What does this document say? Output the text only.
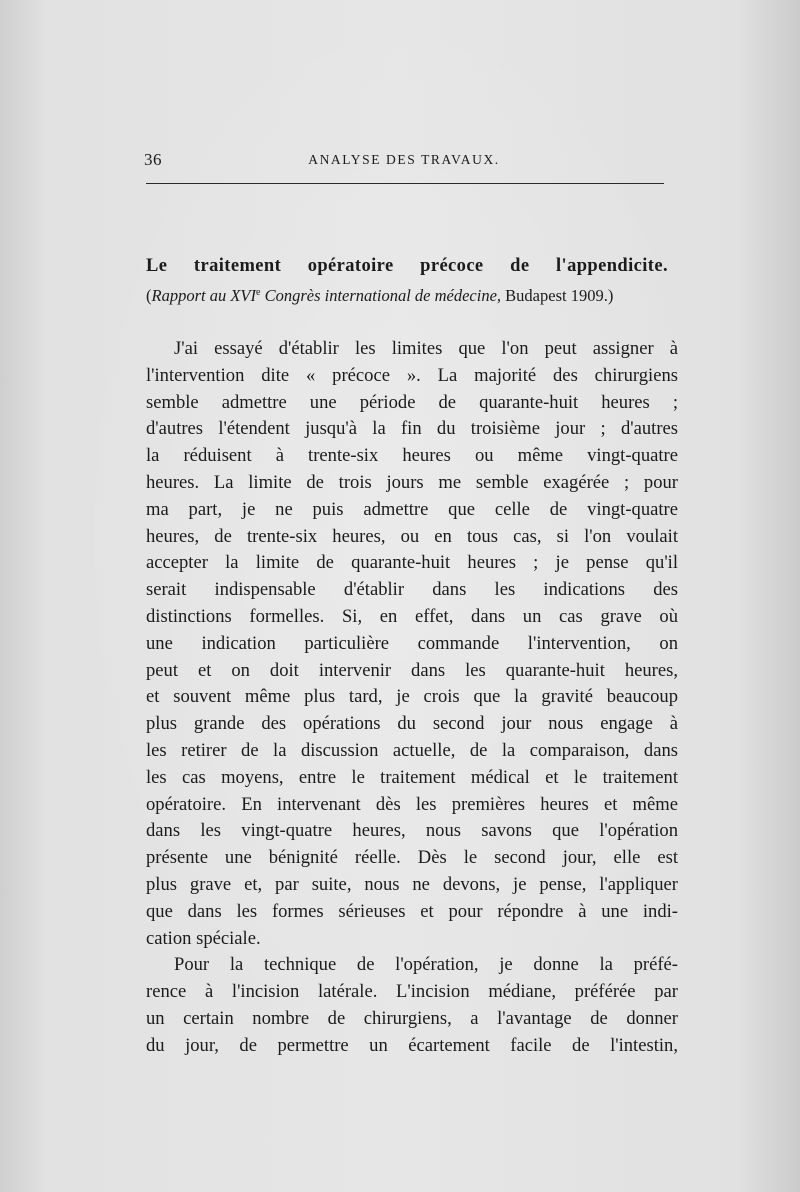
36	ANALYSE DES TRAVAUX.
Le traitement opératoire précoce de l'appendicite.
(Rapport au XVIe Congrès international de médecine, Budapest 1909.)
J'ai essayé d'établir les limites que l'on peut assigner à
l'intervention dite « précoce ». La majorité des chirurgiens
semble admettre une période de quarante-huit heures ;
d'autres l'étendent jusqu'à la fin du troisième jour ; d'autres
la réduisent à trente-six heures ou même vingt-quatre
heures. La limite de trois jours me semble exagérée ; pour
ma part, je ne puis admettre que celle de vingt-quatre
heures, de trente-six heures, ou en tous cas, si l'on voulait
accepter la limite de quarante-huit heures ; je pense qu'il
serait indispensable d'établir dans les indications des
distinctions formelles. Si, en effet, dans un cas grave où
une indication particulière commande l'intervention, on
peut et on doit intervenir dans les quarante-huit heures,
et souvent même plus tard, je crois que la gravité beaucoup
plus grande des opérations du second jour nous engage à
les retirer de la discussion actuelle, de la comparaison, dans
les cas moyens, entre le traitement médical et le traitement
opératoire. En intervenant dès les premières heures et même
dans les vingt-quatre heures, nous savons que l'opération
présente une bénignité réelle. Dès le second jour, elle est
plus grave et, par suite, nous ne devons, je pense, l'appliquer
que dans les formes sérieuses et pour répondre à une indi-
cation spéciale.
Pour la technique de l'opération, je donne la préfé-
rence à l'incision latérale. L'incision médiane, préférée par
un certain nombre de chirurgiens, a l'avantage de donner
du jour, de permettre un écartement facile de l'intestin,
